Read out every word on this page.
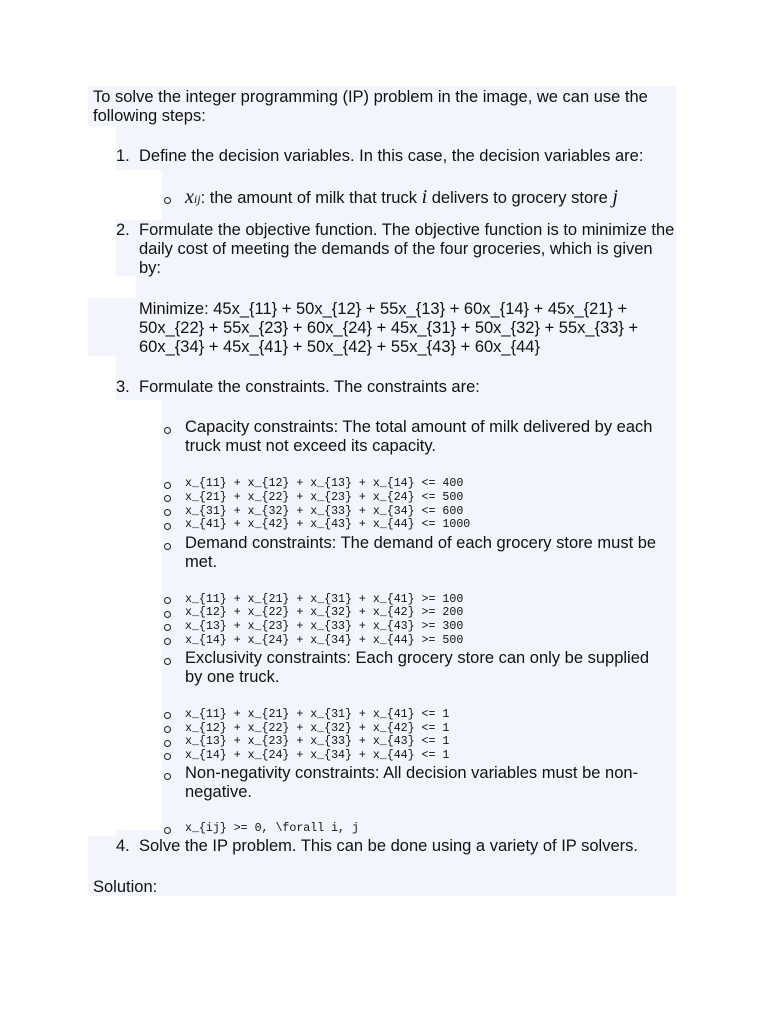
To solve the integer programming (IP) problem in the image, we can use the following steps:

1. Define the decision variables. In this case, the decision variables are:

xij: the amount of milk that truck i delivers to grocery store j

2. Formulate the objective function. The objective function is to minimize the daily cost of meeting the demands of the four groceries, which is given by:

Minimize: 45x_{11} + 50x_{12} + 55x_{13} + 60x_{14} + 45x_{21} + 50x_{22} + 55x_{23} + 60x_{24} + 45x_{31} + 50x_{32} + 55x_{33} + 60x_{34} + 45x_{41} + 50x_{42} + 55x_{43} + 60x_{44}

3. Formulate the constraints. The constraints are:

Capacity constraints: The total amount of milk delivered by each truck must not exceed its capacity.

x_{11} + x_{12} + x_{13} + x_{14} <= 400

x_{21} + x_{22} + x_{23} + x_{24} <= 500

x_{31} + x_{32} + x_{33} + x_{34} <= 600

x_{41} + x_{42} + x_{43} + x_{44} <= 1000

Demand constraints: The demand of each grocery store must be met.

x_{11} + x_{21} + x_{31} + x_{41} >= 100

x_{12} + x_{22} + x_{32} + x_{42} >= 200

x_{13} + x_{23} + x_{33} + x_{43} >= 300

x_{14} + x_{24} + x_{34} + x_{44} >= 500

Exclusivity constraints: Each grocery store can only be supplied by one truck.

x_{11} + x_{21} + x_{31} + x_{41} <= 1

x_{12} + x_{22} + x_{32} + x_{42} <= 1

x_{13} + x_{23} + x_{33} + x_{43} <= 1

x_{14} + x_{24} + x_{34} + x_{44} <= 1

Non-negativity constraints: All decision variables must be non-negative.

x_{ij} >= 0, \forall i, j

4. Solve the IP problem. This can be done using a variety of IP solvers.

Solution:
